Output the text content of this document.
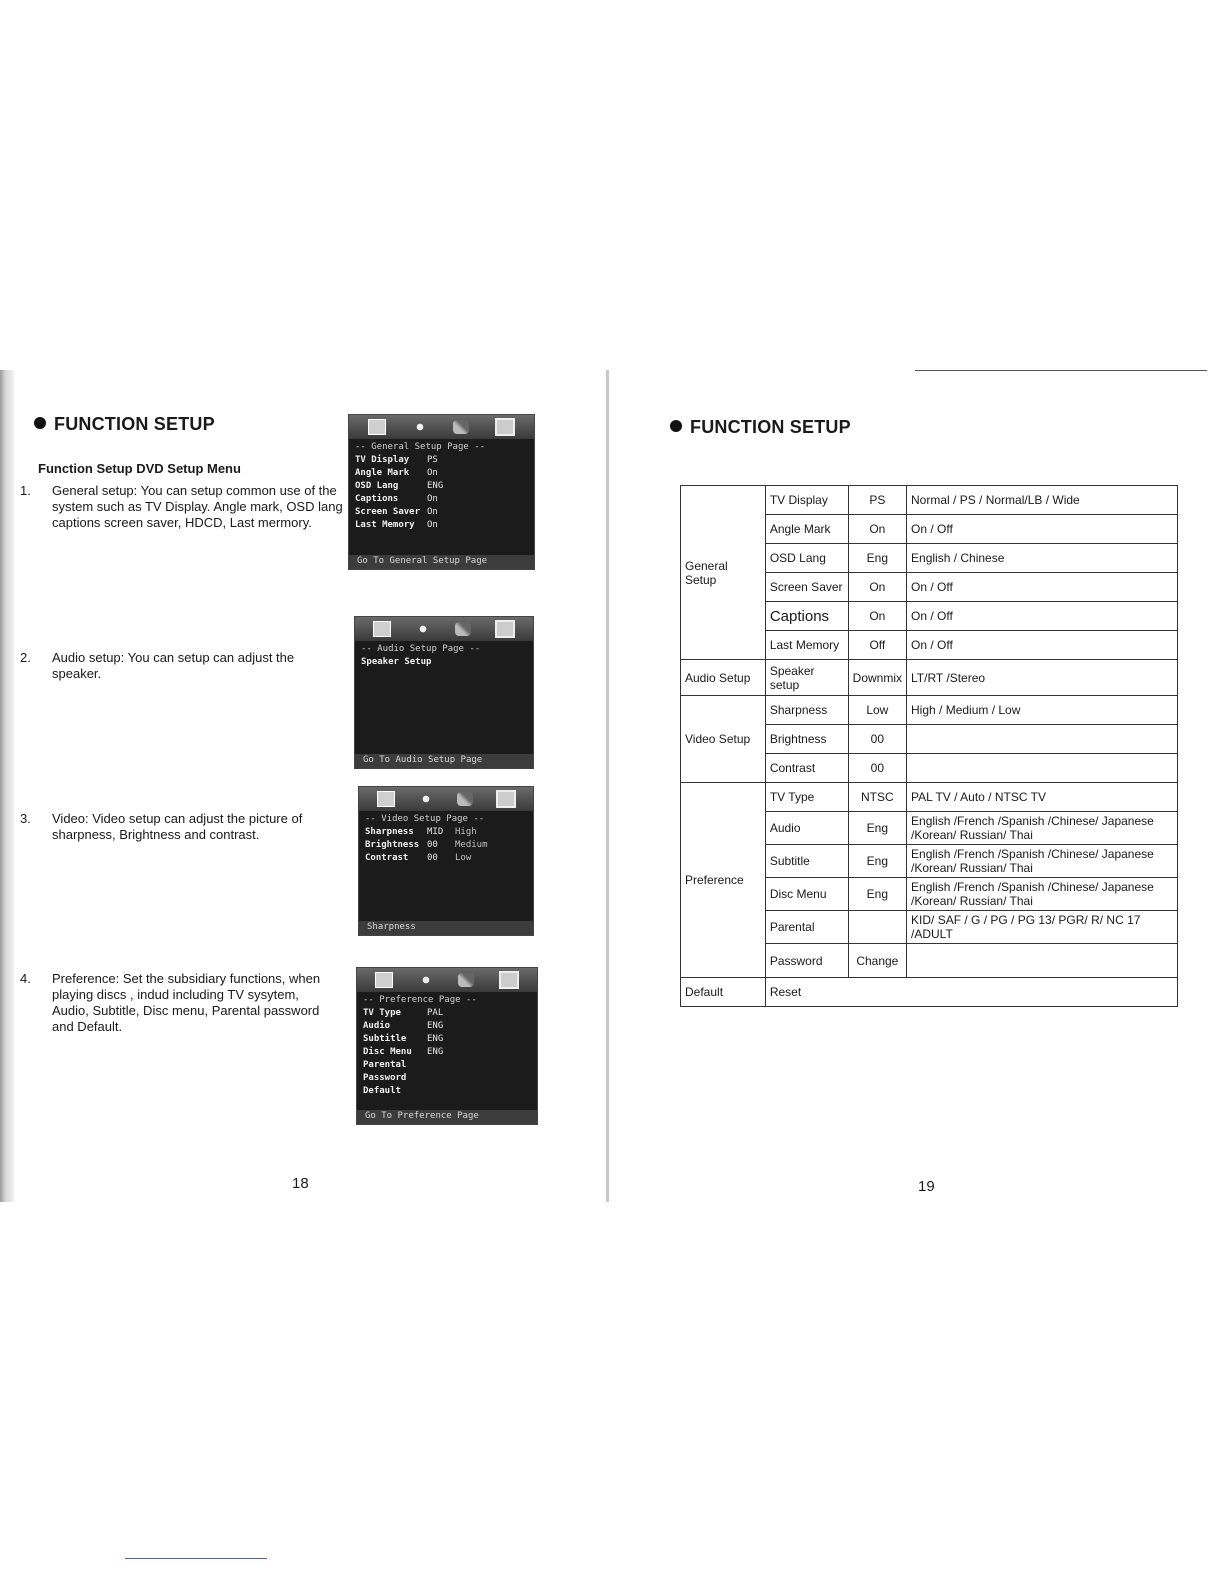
FUNCTION SETUP
Function Setup DVD Setup Menu
1. General setup: You can setup common use of the system such as TV Display. Angle mark, OSD lang captions screen saver, HDCD, Last mermory.
2. Audio setup: You can setup can adjust the speaker.
3. Video: Video setup can adjust the picture of sharpness, Brightness and contrast.
4. Preference: Set the subsidiary functions, when playing discs , indud including TV sysytem, Audio, Subtitle, Disc menu, Parental password and Default.
-- General Setup Page --
TV Display	PS
Angle Mark	On
OSD Lang	ENG
Captions	On
Screen Saver On
Last Memory	On
Go To General Setup Page
-- Audio Setup Page --
Speaker Setup
Go To Audio Setup Page
-- Video Setup Page --
Sharpness	MID	High
Brightness 00	Medium
Contrast	00	Low
Sharpness
-- Preference Page --
TV Type	PAL
Audio	ENG
Subtitle	ENG
Disc Menu	ENG
Parental
Password
Default
Go To Preference Page
18
FUNCTION SETUP
General Setup	TV Display	PS	Normal / PS / Normal/LB / Wide
	Angle Mark	On	On / Off
	OSD Lang	Eng	English / Chinese
	Screen Saver	On	On / Off
	Captions	On	On / Off
	Last Memory	Off	On / Off
Audio Setup	Speaker setup	Downmix	LT/RT /Stereo
Video Setup	Sharpness	Low	High / Medium / Low
	Brightness	00	
	Contrast	00	
Preference	TV Type	NTSC	PAL TV / Auto / NTSC TV
	Audio	Eng	English /French /Spanish /Chinese/ Japanese /Korean/ Russian/ Thai
	Subtitle	Eng	English /French /Spanish /Chinese/ Japanese /Korean/ Russian/ Thai
	Disc Menu	Eng	English /French /Spanish /Chinese/ Japanese /Korean/ Russian/ Thai
	Parental		KID/ SAF / G / PG / PG 13/ PGR/ R/ NC 17 /ADULT
	Password	Change	
Default	Reset		
19
